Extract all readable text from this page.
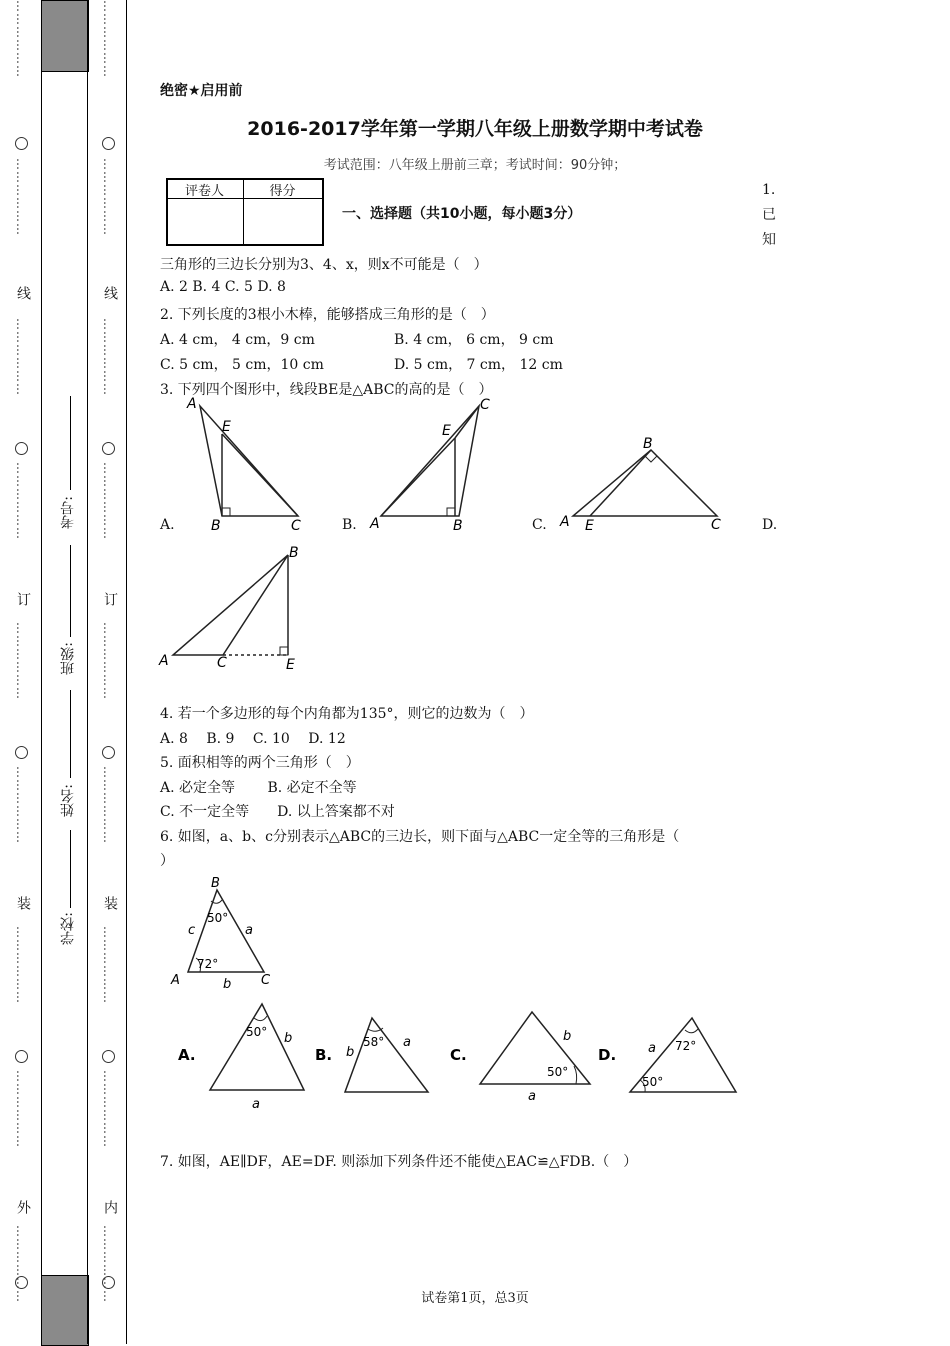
………………
………………
线
………………
………………
订
………………
………………
装
………………
………………
外
………………
学校:
姓名:
班级:
考号:
………………
………………
线
………………
………………
订
………………
………………
装
………………
………………
内
………………
绝密★启用前
2016-2017学年第一学期八年级上册数学期中考试卷
考试范围：八年级上册前三章；考试时间：90分钟；
评卷人	得分
一、选择题（共10小题，每小题3分）
1.
已
知
三角形的三边长分别为3、4、x，则x不可能是（　）
A. 2 B. 4 C. 5 D. 8
2. 下列长度的3根小木棒，能够搭成三角形的是（　）
A. 4 cm， 4 cm，9 cm	B. 4 cm， 6 cm， 9 cm
C. 5 cm， 5 cm，10 cm	D. 5 cm， 7 cm， 12 cm
3. 下列四个图形中，线段BE是△ABC的高的是（　）
A.	B.	C.	D.
A
E
B	C
E
C
A	B
B
A E	C
B
A	C	E
4. 若一个多边形的每个内角都为135°，则它的边数为（　）
A. 8　 B. 9　 C. 10　 D. 12
5. 面积相等的两个三角形（　）
A. 必定全等　　 B. 必定不全等
C. 不一定全等　　D. 以上答案都不对
6. 如图，a、b、c分别表示△ABC的三边长，则下面与△ABC一定全等的三角形是（
）
B
50°
c	a
72°
A	b C
A.
50° b
a
B.
58°
b
a
C.
50°
b
a
D.	72°
50°
a
7. 如图，AE∥DF，AE=DF. 则添加下列条件还不能使△EAC≌△FDB.（　）
试卷第1页，总3页
